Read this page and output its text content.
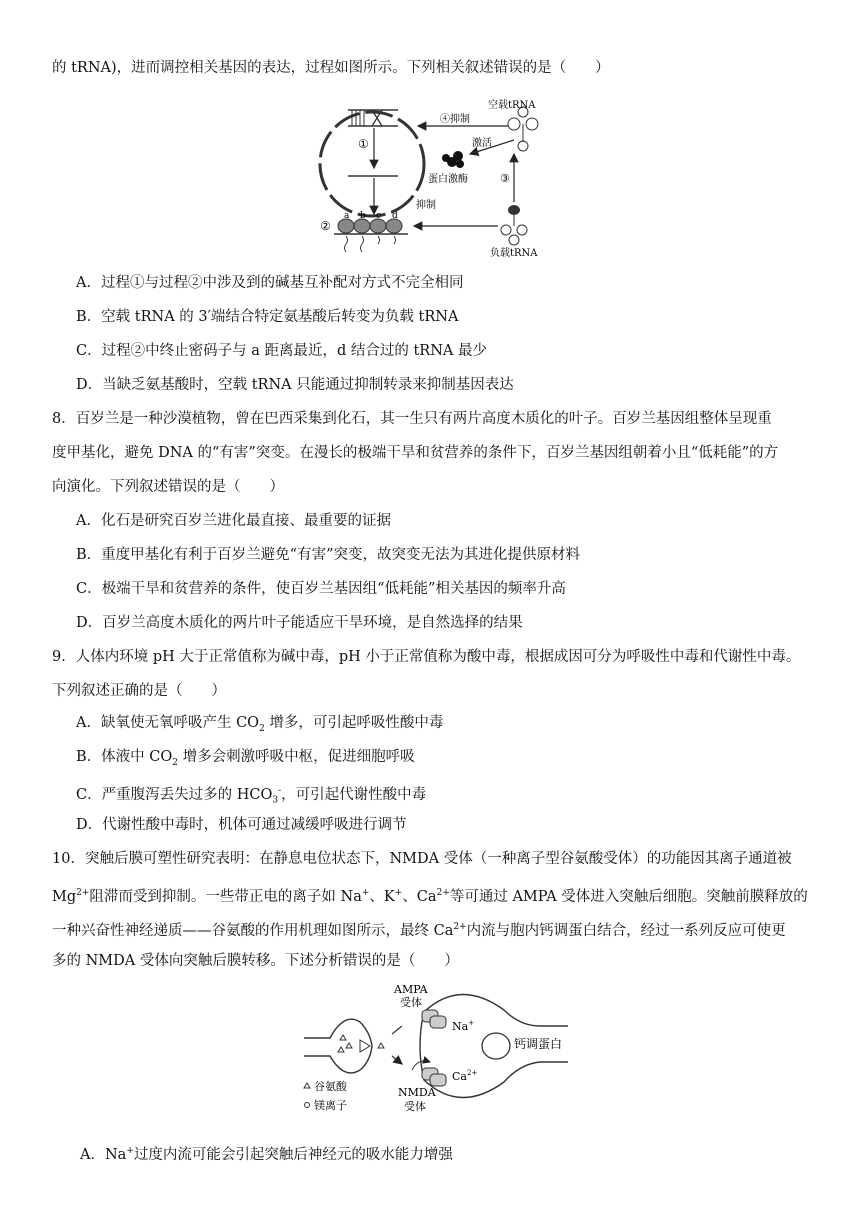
的 tRNA)，进而调控相关基因的表达，过程如图所示。下列相关叙述错误的是（　　）
①
④抑制
空载tRNA
激活
蛋白激酶
抑制
③
负载tRNA
②
a b c d
A．过程①与过程②中涉及到的碱基互补配对方式不完全相同
B．空载 tRNA 的 3′端结合特定氨基酸后转变为负载 tRNA
C．过程②中终止密码子与 a 距离最近，d 结合过的 tRNA 最少
D．当缺乏氨基酸时，空载 tRNA 只能通过抑制转录来抑制基因表达
8．百岁兰是一种沙漠植物，曾在巴西采集到化石，其一生只有两片高度木质化的叶子。百岁兰基因组整体呈现重
度甲基化，避免 DNA 的“有害”突变。在漫长的极端干旱和贫营养的条件下，百岁兰基因组朝着小且“低耗能”的方
向演化。下列叙述错误的是（　　）
A．化石是研究百岁兰进化最直接、最重要的证据
B．重度甲基化有利于百岁兰避免“有害”突变，故突变无法为其进化提供原材料
C．极端干旱和贫营养的条件，使百岁兰基因组“低耗能”相关基因的频率升高
D．百岁兰高度木质化的两片叶子能适应干旱环境，是自然选择的结果
9．人体内环境 pH 大于正常值称为碱中毒，pH 小于正常值称为酸中毒，根据成因可分为呼吸性中毒和代谢性中毒。
下列叙述正确的是（　　）
A．缺氧使无氧呼吸产生 $CO_2$ 增多，可引起呼吸性酸中毒
B．体液中 $CO_2$ 增多会刺激呼吸中枢，促进细胞呼吸
C．严重腹泻丢失过多的 $HCO_3^-$，可引起代谢性酸中毒
D．代谢性酸中毒时，机体可通过减缓呼吸进行调节
10．突触后膜可塑性研究表明：在静息电位状态下，NMDA 受体（一种离子型谷氨酸受体）的功能因其离子通道被
$Mg^{2+}$阻滞而受到抑制。一些带正电的离子如 Na+、K+、$Ca^{2+}$等可通过 AMPA 受体进入突触后细胞。突触前膜释放的
一种兴奋性神经递质——谷氨酸的作用机理如图所示，最终 $Ca^{2+}$内流与胞内钙调蛋白结合，经过一系列反应可使更
多的 NMDA 受体向突触后膜转移。下述分析错误的是（　　）
钙调蛋白
AMPA
受体
Na+
$Ca^{2+}$
谷氨酸
镁离子
NMDA
受体
A．Na+过度内流可能会引起突触后神经元的吸水能力增强
